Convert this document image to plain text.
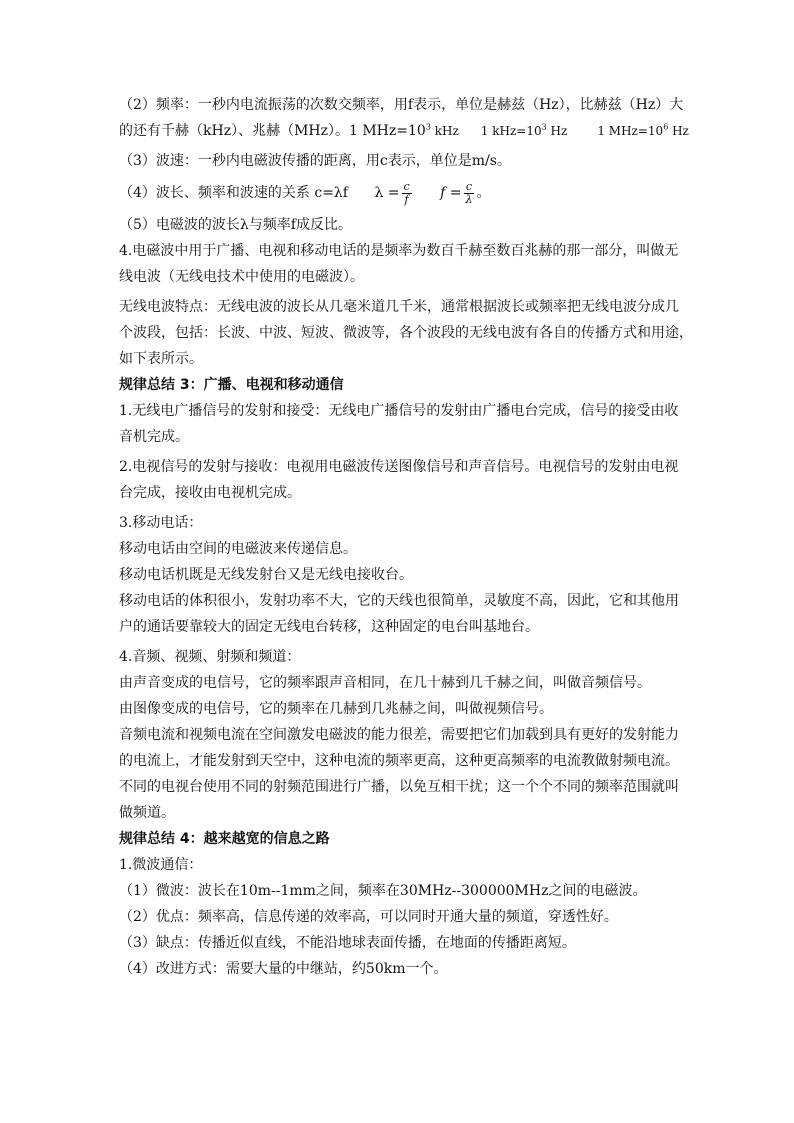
（2）频率：一秒内电流振荡的次数交频率，用f表示，单位是赫兹（Hz），比赫兹（Hz）大
的还有千赫（kHz）、兆赫（MHz）。1 $MHz=10^3$ kHz 1 $kHz=10^3$ Hz	1 $MHz=10^6$ Hz
（3）波速：一秒内电磁波传播的距离，用c表示，单位是m/s。
（4）波长、频率和波速的关系 c=λf $\lambda = \frac{c}{f}$ $f = \frac{c}{\lambda}$ 。
（5）电磁波的波长λ与频率f成反比。
4.电磁波中用于广播、电视和移动电话的是频率为数百千赫至数百兆赫的那一部分，叫做无
线电波（无线电技术中使用的电磁波）。
无线电波特点：无线电波的波长从几毫米道几千米，通常根据波长或频率把无线电波分成几
个波段，包括：长波、中波、短波、微波等，各个波段的无线电波有各自的传播方式和用途，
如下表所示。
规律总结 3：广播、电视和移动通信
1.无线电广播信号的发射和接受：无线电广播信号的发射由广播电台完成，信号的接受由收
音机完成。
2.电视信号的发射与接收：电视用电磁波传送图像信号和声音信号。电视信号的发射由电视
台完成，接收由电视机完成。
3.移动电话：
移动电话由空间的电磁波来传递信息。
移动电话机既是无线发射台又是无线电接收台。
移动电话的体积很小，发射功率不大，它的天线也很简单，灵敏度不高，因此，它和其他用
户的通话要靠较大的固定无线电台转移，这种固定的电台叫基地台。
4.音频、视频、射频和频道：
由声音变成的电信号，它的频率跟声音相同，在几十赫到几千赫之间，叫做音频信号。
由图像变成的电信号，它的频率在几赫到几兆赫之间，叫做视频信号。
音频电流和视频电流在空间激发电磁波的能力很差，需要把它们加载到具有更好的发射能力
的电流上，才能发射到天空中，这种电流的频率更高，这种更高频率的电流教做射频电流。
不同的电视台使用不同的射频范围进行广播，以免互相干扰；这一个个不同的频率范围就叫
做频道。
规律总结 4：越来越宽的信息之路
1.微波通信：
（1）微波：波长在10m--1mm之间，频率在30MHz--300000MHz之间的电磁波。
（2）优点：频率高，信息传递的效率高，可以同时开通大量的频道，穿透性好。
（3）缺点：传播近似直线，不能沿地球表面传播，在地面的传播距离短。
（4）改进方式：需要大量的中继站，约50km一个。
